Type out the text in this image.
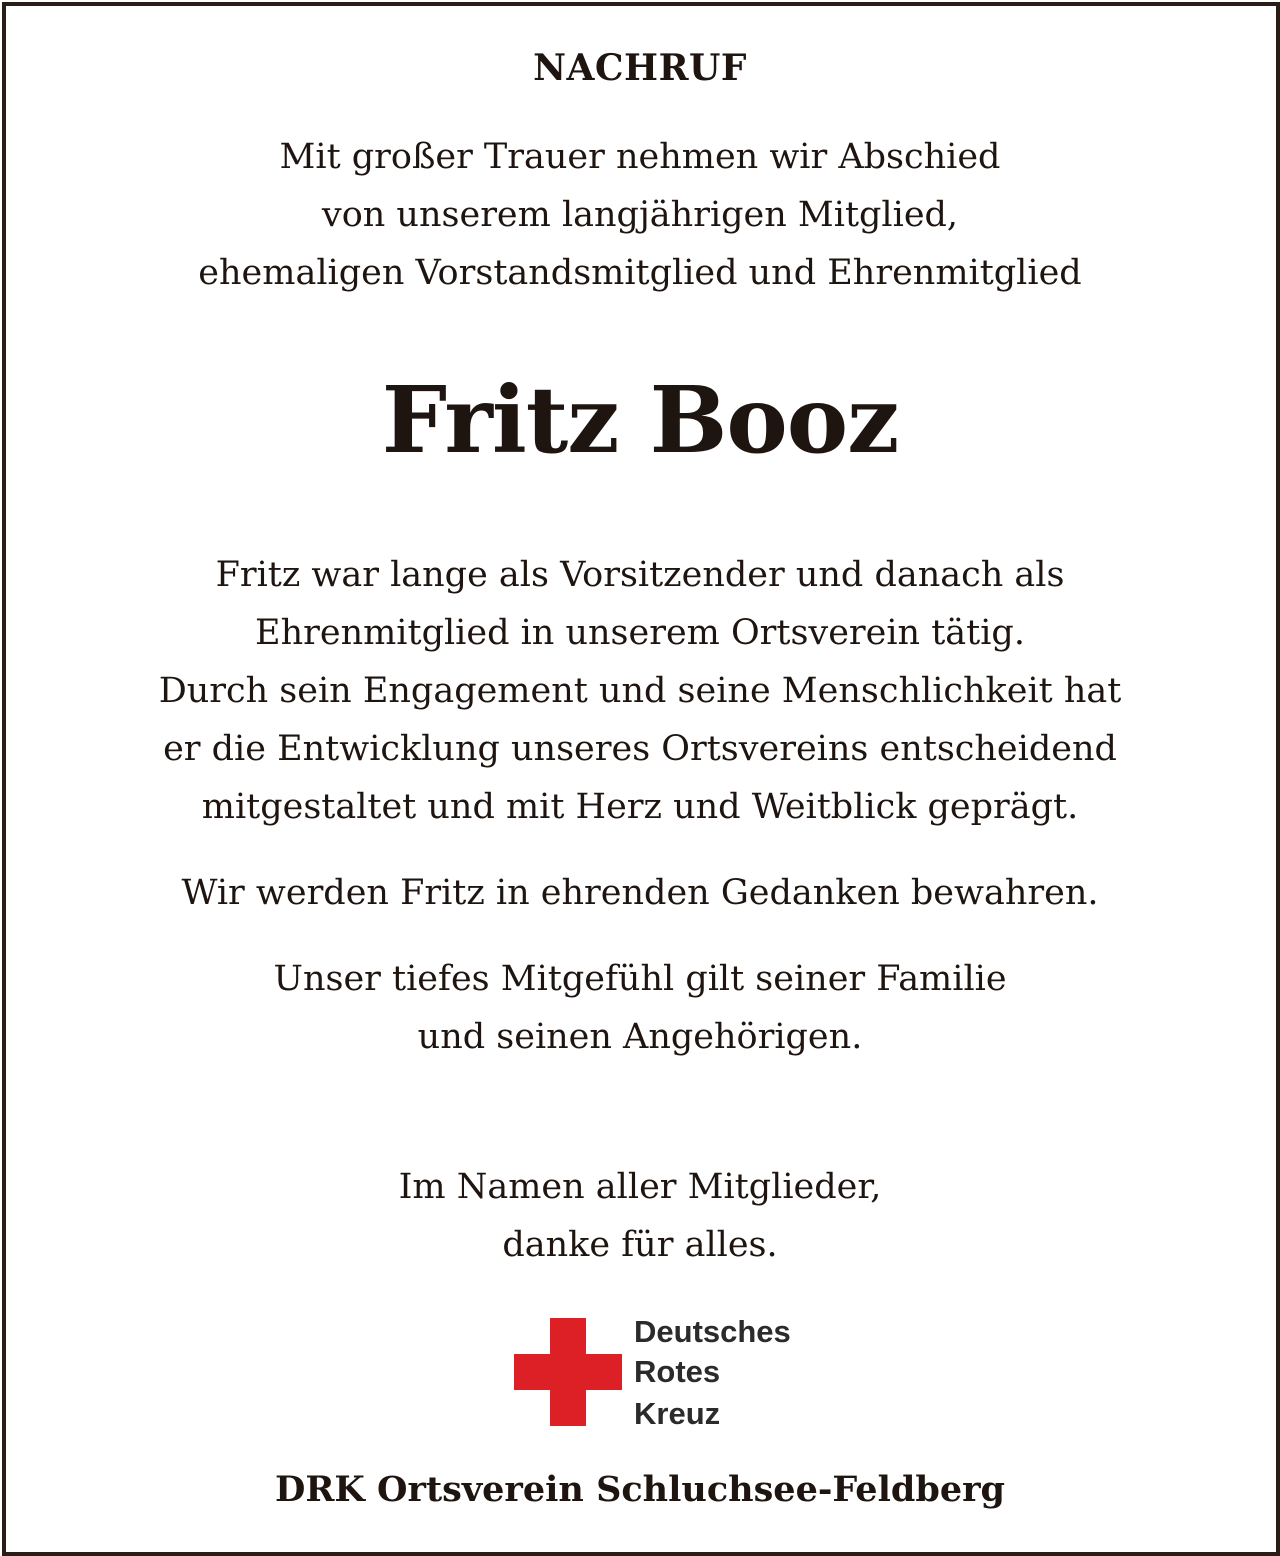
NACHRUF
Mit großer Trauer nehmen wir Abschied
von unserem langjährigen Mitglied,
ehemaligen Vorstandsmitglied und Ehrenmitglied
Fritz Booz
Fritz war lange als Vorsitzender und danach als
Ehrenmitglied in unserem Ortsverein tätig.
Durch sein Engagement und seine Menschlichkeit hat
er die Entwicklung unseres Ortsvereins entscheidend
mitgestaltet und mit Herz und Weitblick geprägt.
Wir werden Fritz in ehrenden Gedanken bewahren.
Unser tiefes Mitgefühl gilt seiner Familie
und seinen Angehörigen.
Im Namen aller Mitglieder,
danke für alles.
Deutsches
Rotes
Kreuz
DRK Ortsverein Schluchsee-Feldberg
